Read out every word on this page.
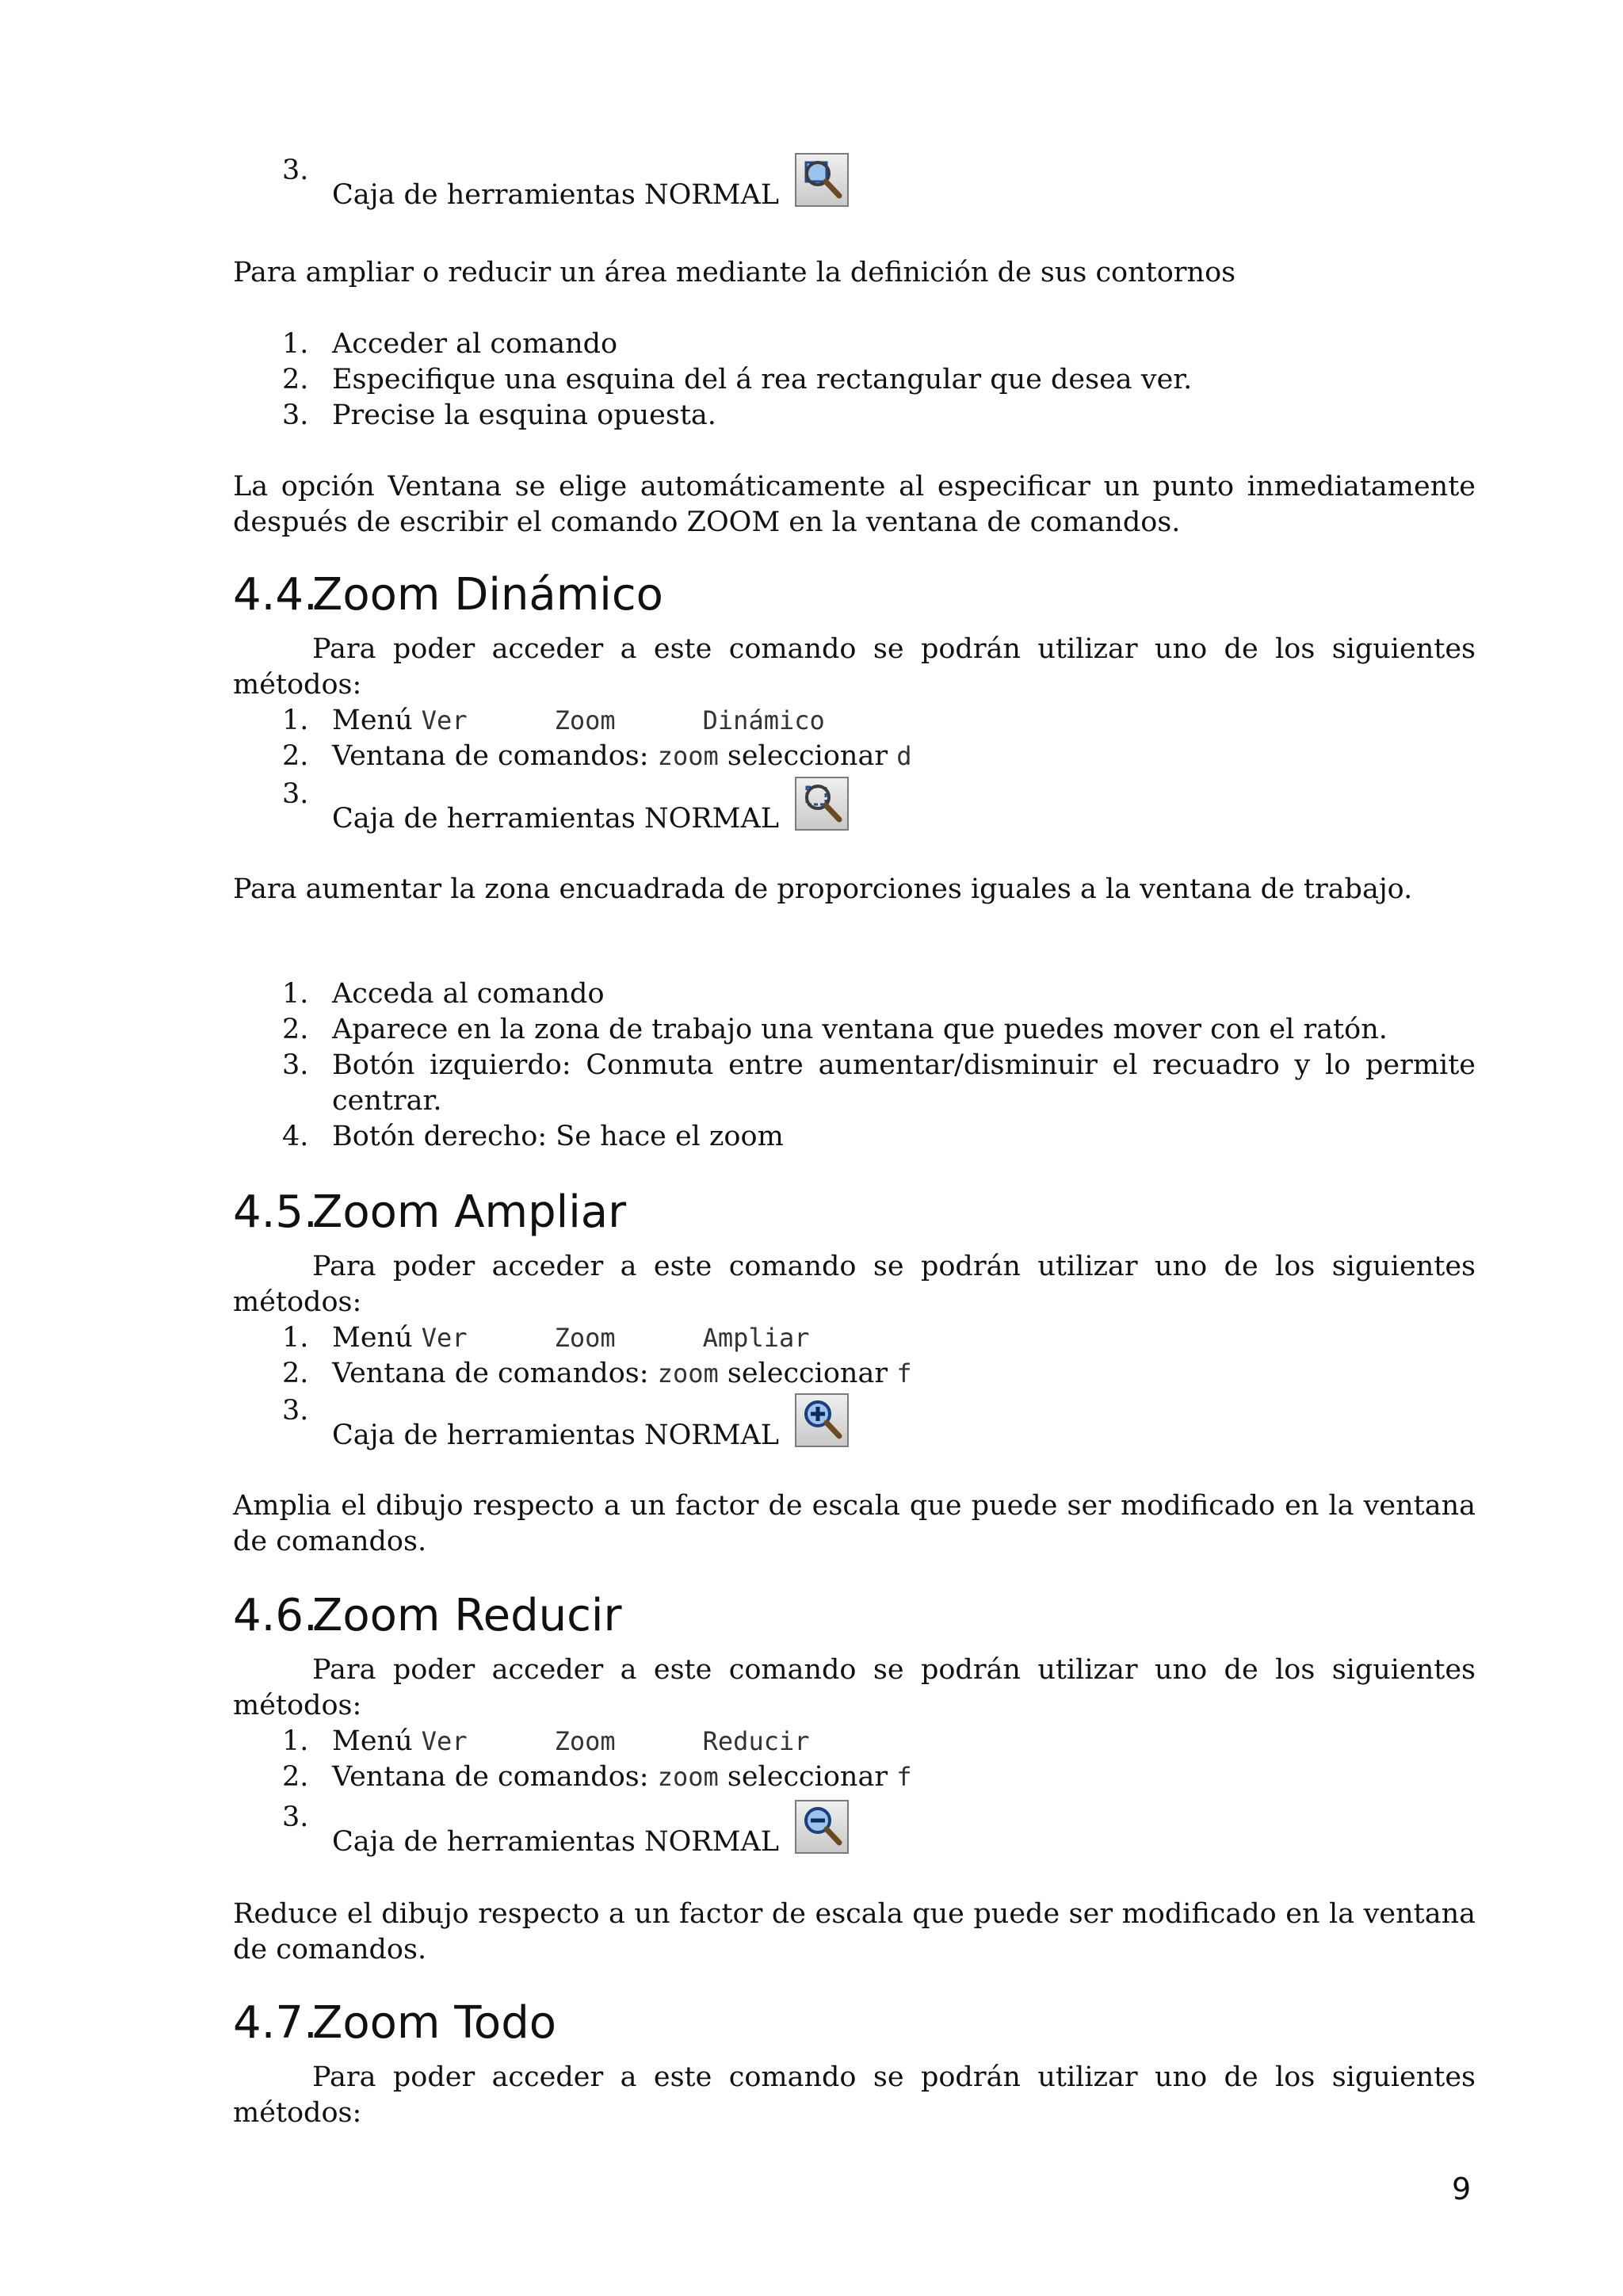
3.
Caja de herramientas NORMAL

Para ampliar o reducir un área mediante la definición de sus contornos

1. Acceder al comando
2. Especifique una esquina del á rea rectangular que desea ver.
3. Precise la esquina opuesta.

La opción Ventana se elige automáticamente al especificar un punto inmediatamente después de escribir el comando ZOOM en la ventana de comandos.

4.4.Zoom Dinámico

Para poder acceder a este comando se podrán utilizar uno de los siguientes métodos:

1. Menú Ver	Zoom	Dinámico
2. Ventana de comandos: zoom seleccionar d
3.
Caja de herramientas NORMAL

Para aumentar la zona encuadrada de proporciones iguales a la ventana de trabajo.

1. Acceda al comando
2. Aparece en la zona de trabajo una ventana que puedes mover con el ratón.
3. Botón izquierdo: Conmuta entre aumentar/disminuir el recuadro y lo permite centrar.
4. Botón derecho: Se hace el zoom
4.5.Zoom Ampliar

Para poder acceder a este comando se podrán utilizar uno de los siguientes métodos:

1. Menú Ver	Zoom	Ampliar
2. Ventana de comandos: zoom seleccionar f
3.
Caja de herramientas NORMAL

Amplia el dibujo respecto a un factor de escala que puede ser modificado en la ventana de comandos.

4.6.Zoom Reducir

Para poder acceder a este comando se podrán utilizar uno de los siguientes métodos:

1. Menú Ver	Zoom	Reducir
2. Ventana de comandos: zoom seleccionar f
3.
Caja de herramientas NORMAL

Reduce el dibujo respecto a un factor de escala que puede ser modificado en la ventana de comandos.

4.7.Zoom Todo

Para poder acceder a este comando se podrán utilizar uno de los siguientes métodos:

9
